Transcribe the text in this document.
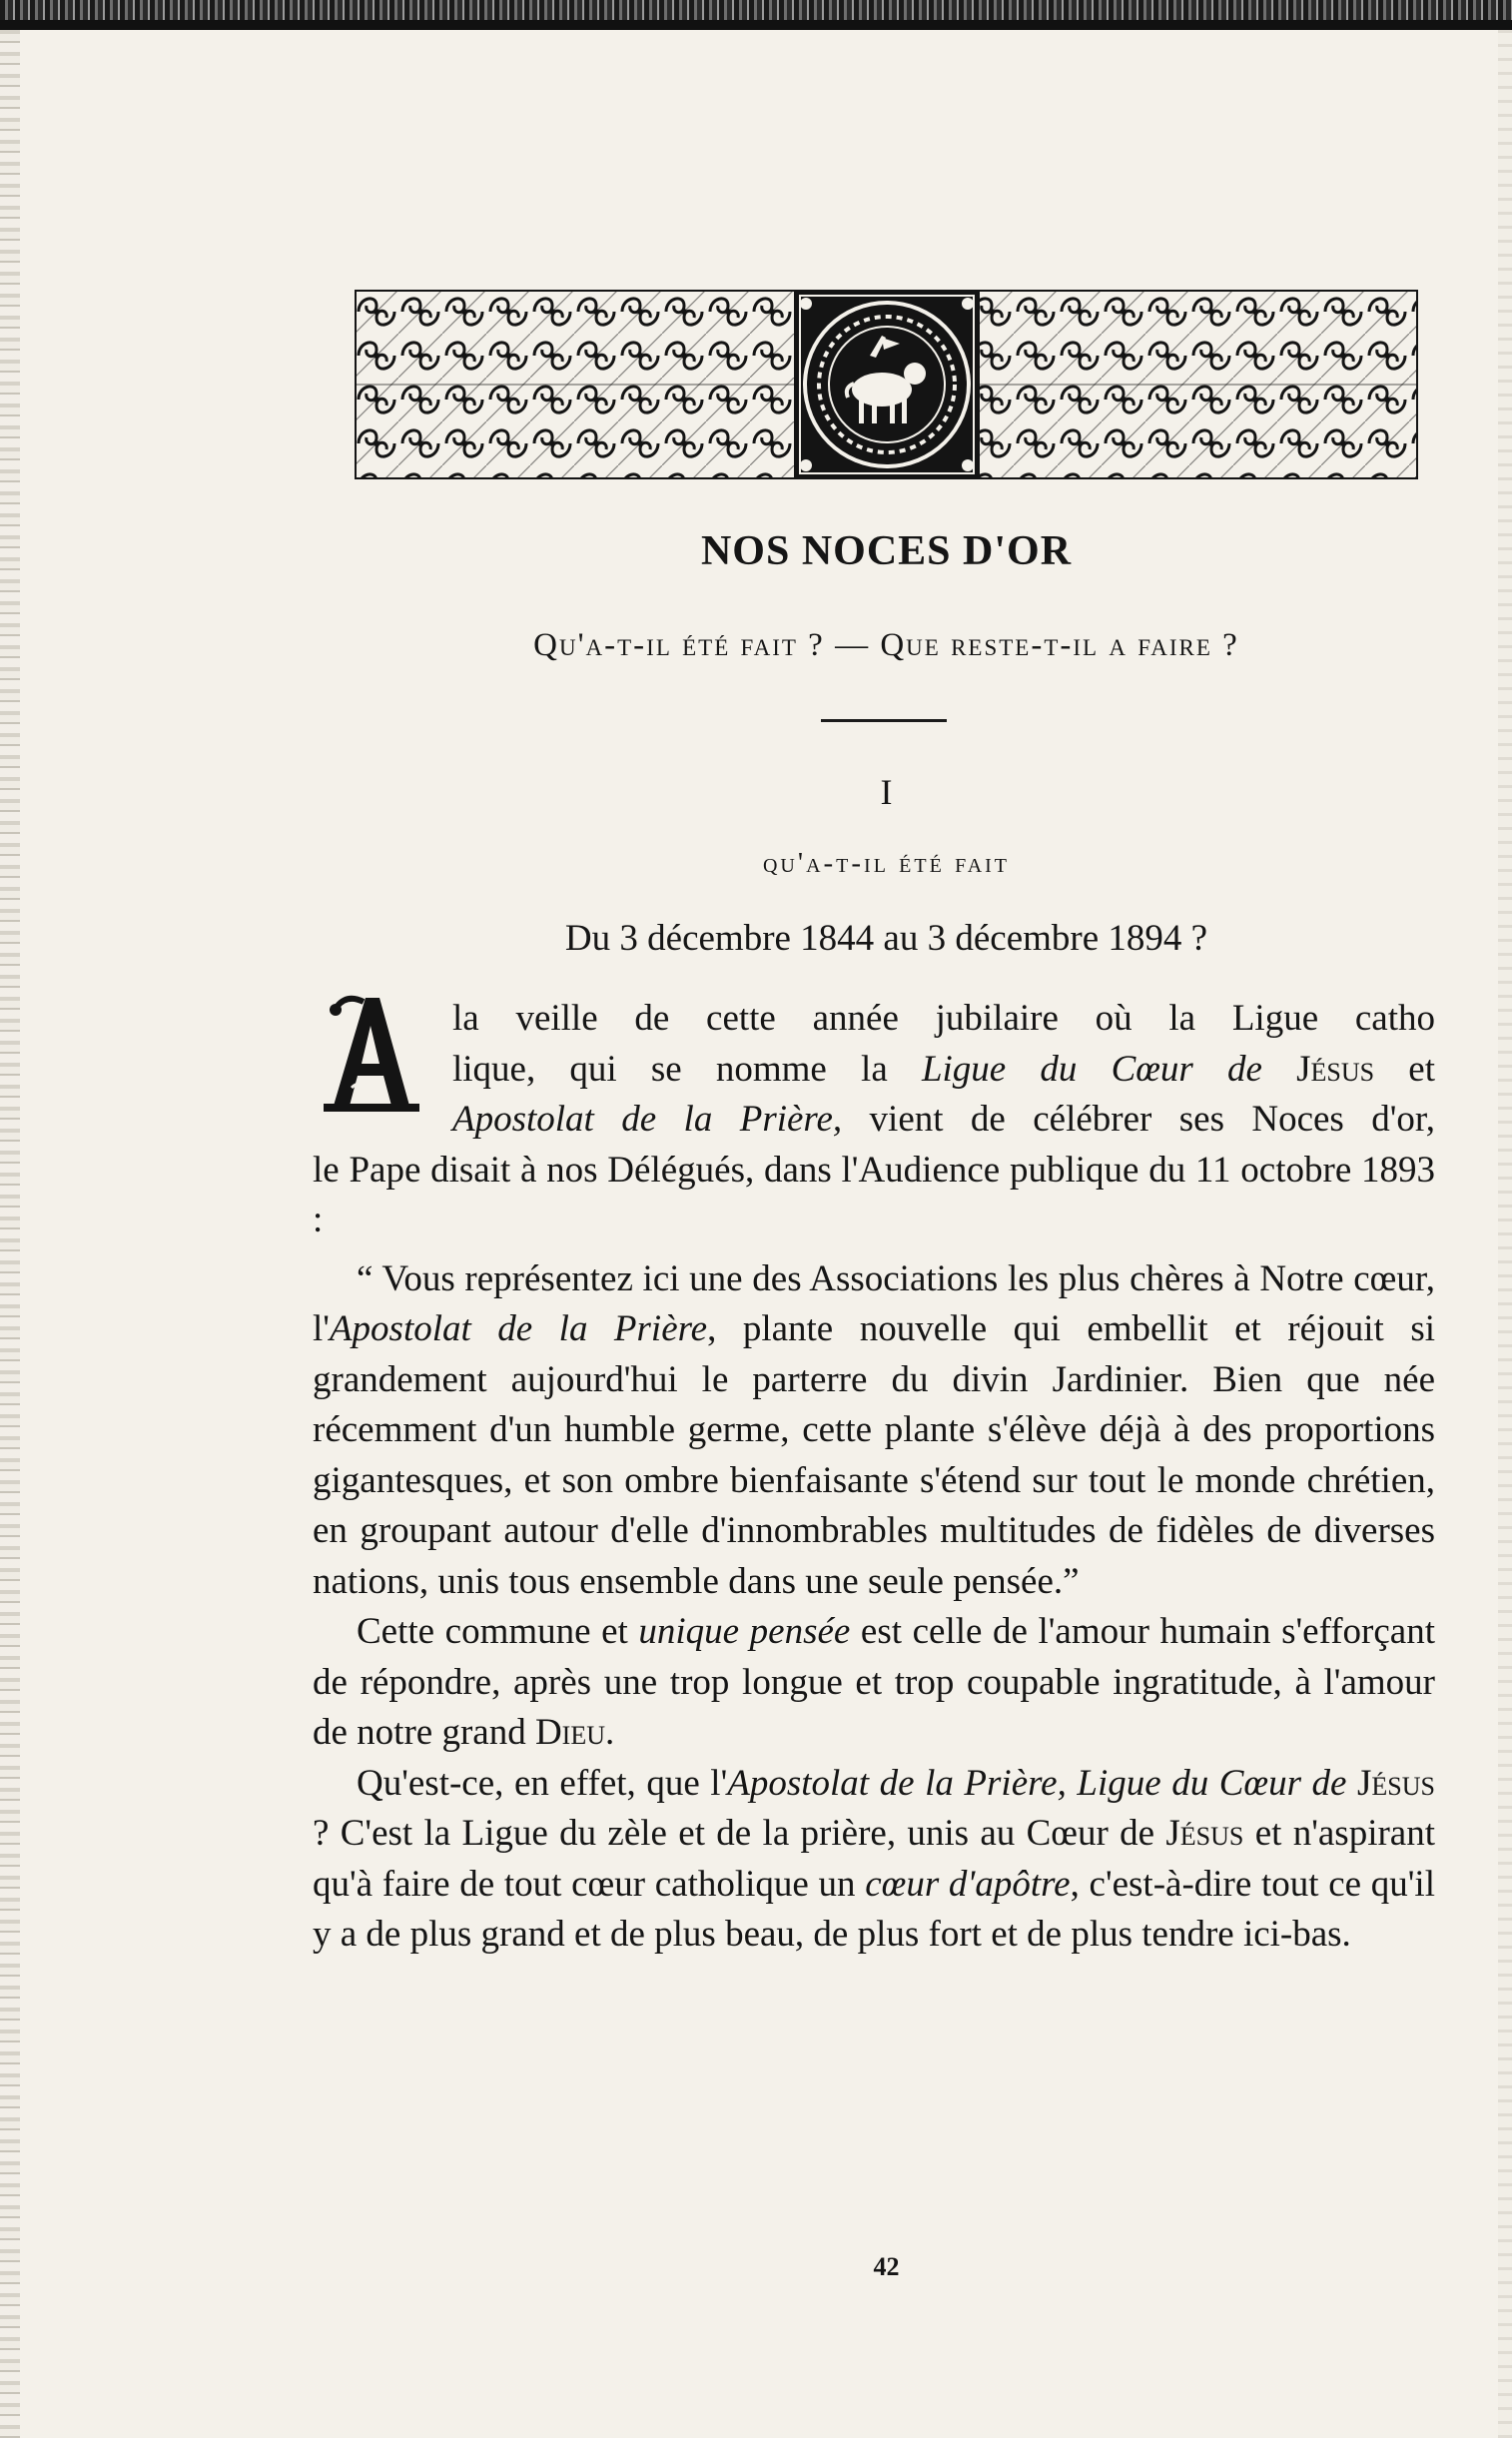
NOS NOCES D'OR
Qu'a-t-il été fait ? — Que reste-t-il a faire ?
I
qu'a-t-il été fait
Du 3 décembre 1844 au 3 décembre 1894 ?

la veille de cette année jubilaire où la Ligue catho
lique, qui se nomme la Ligue du Cœur de Jésus et
Apostolat de la Prière, vient de célébrer ses Noces d'or,

le Pape disait à nos Délégués, dans l'Audience publique du 11 octobre 1893 :

“ Vous représentez ici une des Associations les plus chères à Notre cœur, l'Apostolat de la Prière, plante nouvelle qui embellit et réjouit si grandement aujourd'hui le parterre du divin Jardinier. Bien que née récemment d'un humble germe, cette plante s'élève déjà à des proportions gigantesques, et son ombre bienfaisante s'étend sur tout le monde chrétien, en groupant autour d'elle d'innombrables multitudes de fidèles de diverses nations, unis tous ensemble dans une seule pensée.”

Cette commune et unique pensée est celle de l'amour humain s'efforçant de répondre, après une trop longue et trop coupable ingratitude, à l'amour de notre grand Dieu.

Qu'est-ce, en effet, que l'Apostolat de la Prière, Ligue du Cœur de Jésus ? C'est la Ligue du zèle et de la prière, unis au Cœur de Jésus et n'aspirant qu'à faire de tout cœur catholique un cœur d'apôtre, c'est-à-dire tout ce qu'il y a de plus grand et de plus beau, de plus fort et de plus tendre ici-bas.

42
